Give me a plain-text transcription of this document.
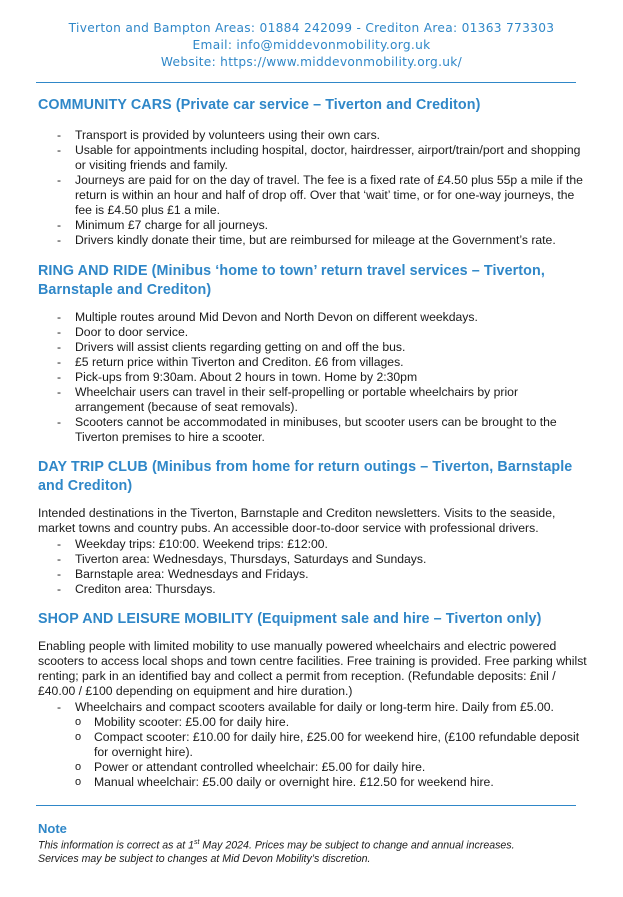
Tiverton and Bampton Areas: 01884 242099 - Crediton Area: 01363 773303
Email: info@middevonmobility.org.uk
Website: https://www.middevonmobility.org.uk/
COMMUNITY CARS (Private car service – Tiverton and Crediton)
- Transport is provided by volunteers using their own cars.
- Usable for appointments including hospital, doctor, hairdresser, airport/train/port and shopping or visiting friends and family.
- Journeys are paid for on the day of travel. The fee is a fixed rate of £4.50 plus 55p a mile if the return is within an hour and half of drop off. Over that ‘wait’ time, or for one-way journeys, the fee is £4.50 plus £1 a mile.
- Minimum £7 charge for all journeys.
- Drivers kindly donate their time, but are reimbursed for mileage at the Government’s rate.
RING AND RIDE (Minibus ‘home to town’ return travel services – Tiverton, Barnstaple and Crediton)
- Multiple routes around Mid Devon and North Devon on different weekdays.
- Door to door service.
- Drivers will assist clients regarding getting on and off the bus.
- £5 return price within Tiverton and Crediton. £6 from villages.
- Pick-ups from 9:30am. About 2 hours in town. Home by 2:30pm
- Wheelchair users can travel in their self-propelling or portable wheelchairs by prior arrangement (because of seat removals).
- Scooters cannot be accommodated in minibuses, but scooter users can be brought to the Tiverton premises to hire a scooter.
DAY TRIP CLUB (Minibus from home for return outings – Tiverton, Barnstaple and Crediton)

Intended destinations in the Tiverton, Barnstaple and Crediton newsletters. Visits to the seaside, market towns and country pubs. An accessible door-to-door service with professional drivers.

- Weekday trips: £10:00. Weekend trips: £12:00.
- Tiverton area: Wednesdays, Thursdays, Saturdays and Sundays.
- Barnstaple area: Wednesdays and Fridays.
- Crediton area: Thursdays.
SHOP AND LEISURE MOBILITY (Equipment sale and hire – Tiverton only)

Enabling people with limited mobility to use manually powered wheelchairs and electric powered scooters to access local shops and town centre facilities. Free training is provided. Free parking whilst renting; park in an identified bay and collect a permit from reception. (Refundable deposits: £nil / £40.00 / £100 depending on equipment and hire duration.)

- Wheelchairs and compact scooters available for daily or long-term hire. Daily from £5.00.
o Mobility scooter: £5.00 for daily hire.
o Compact scooter: £10.00 for daily hire, £25.00 for weekend hire, (£100 refundable deposit for overnight hire).
o Power or attendant controlled wheelchair: £5.00 for daily hire.
o Manual wheelchair: £5.00 daily or overnight hire. £12.50 for weekend hire.
Note

This information is correct as at 1st May 2024. Prices may be subject to change and annual increases.

Services may be subject to changes at Mid Devon Mobility’s discretion.
